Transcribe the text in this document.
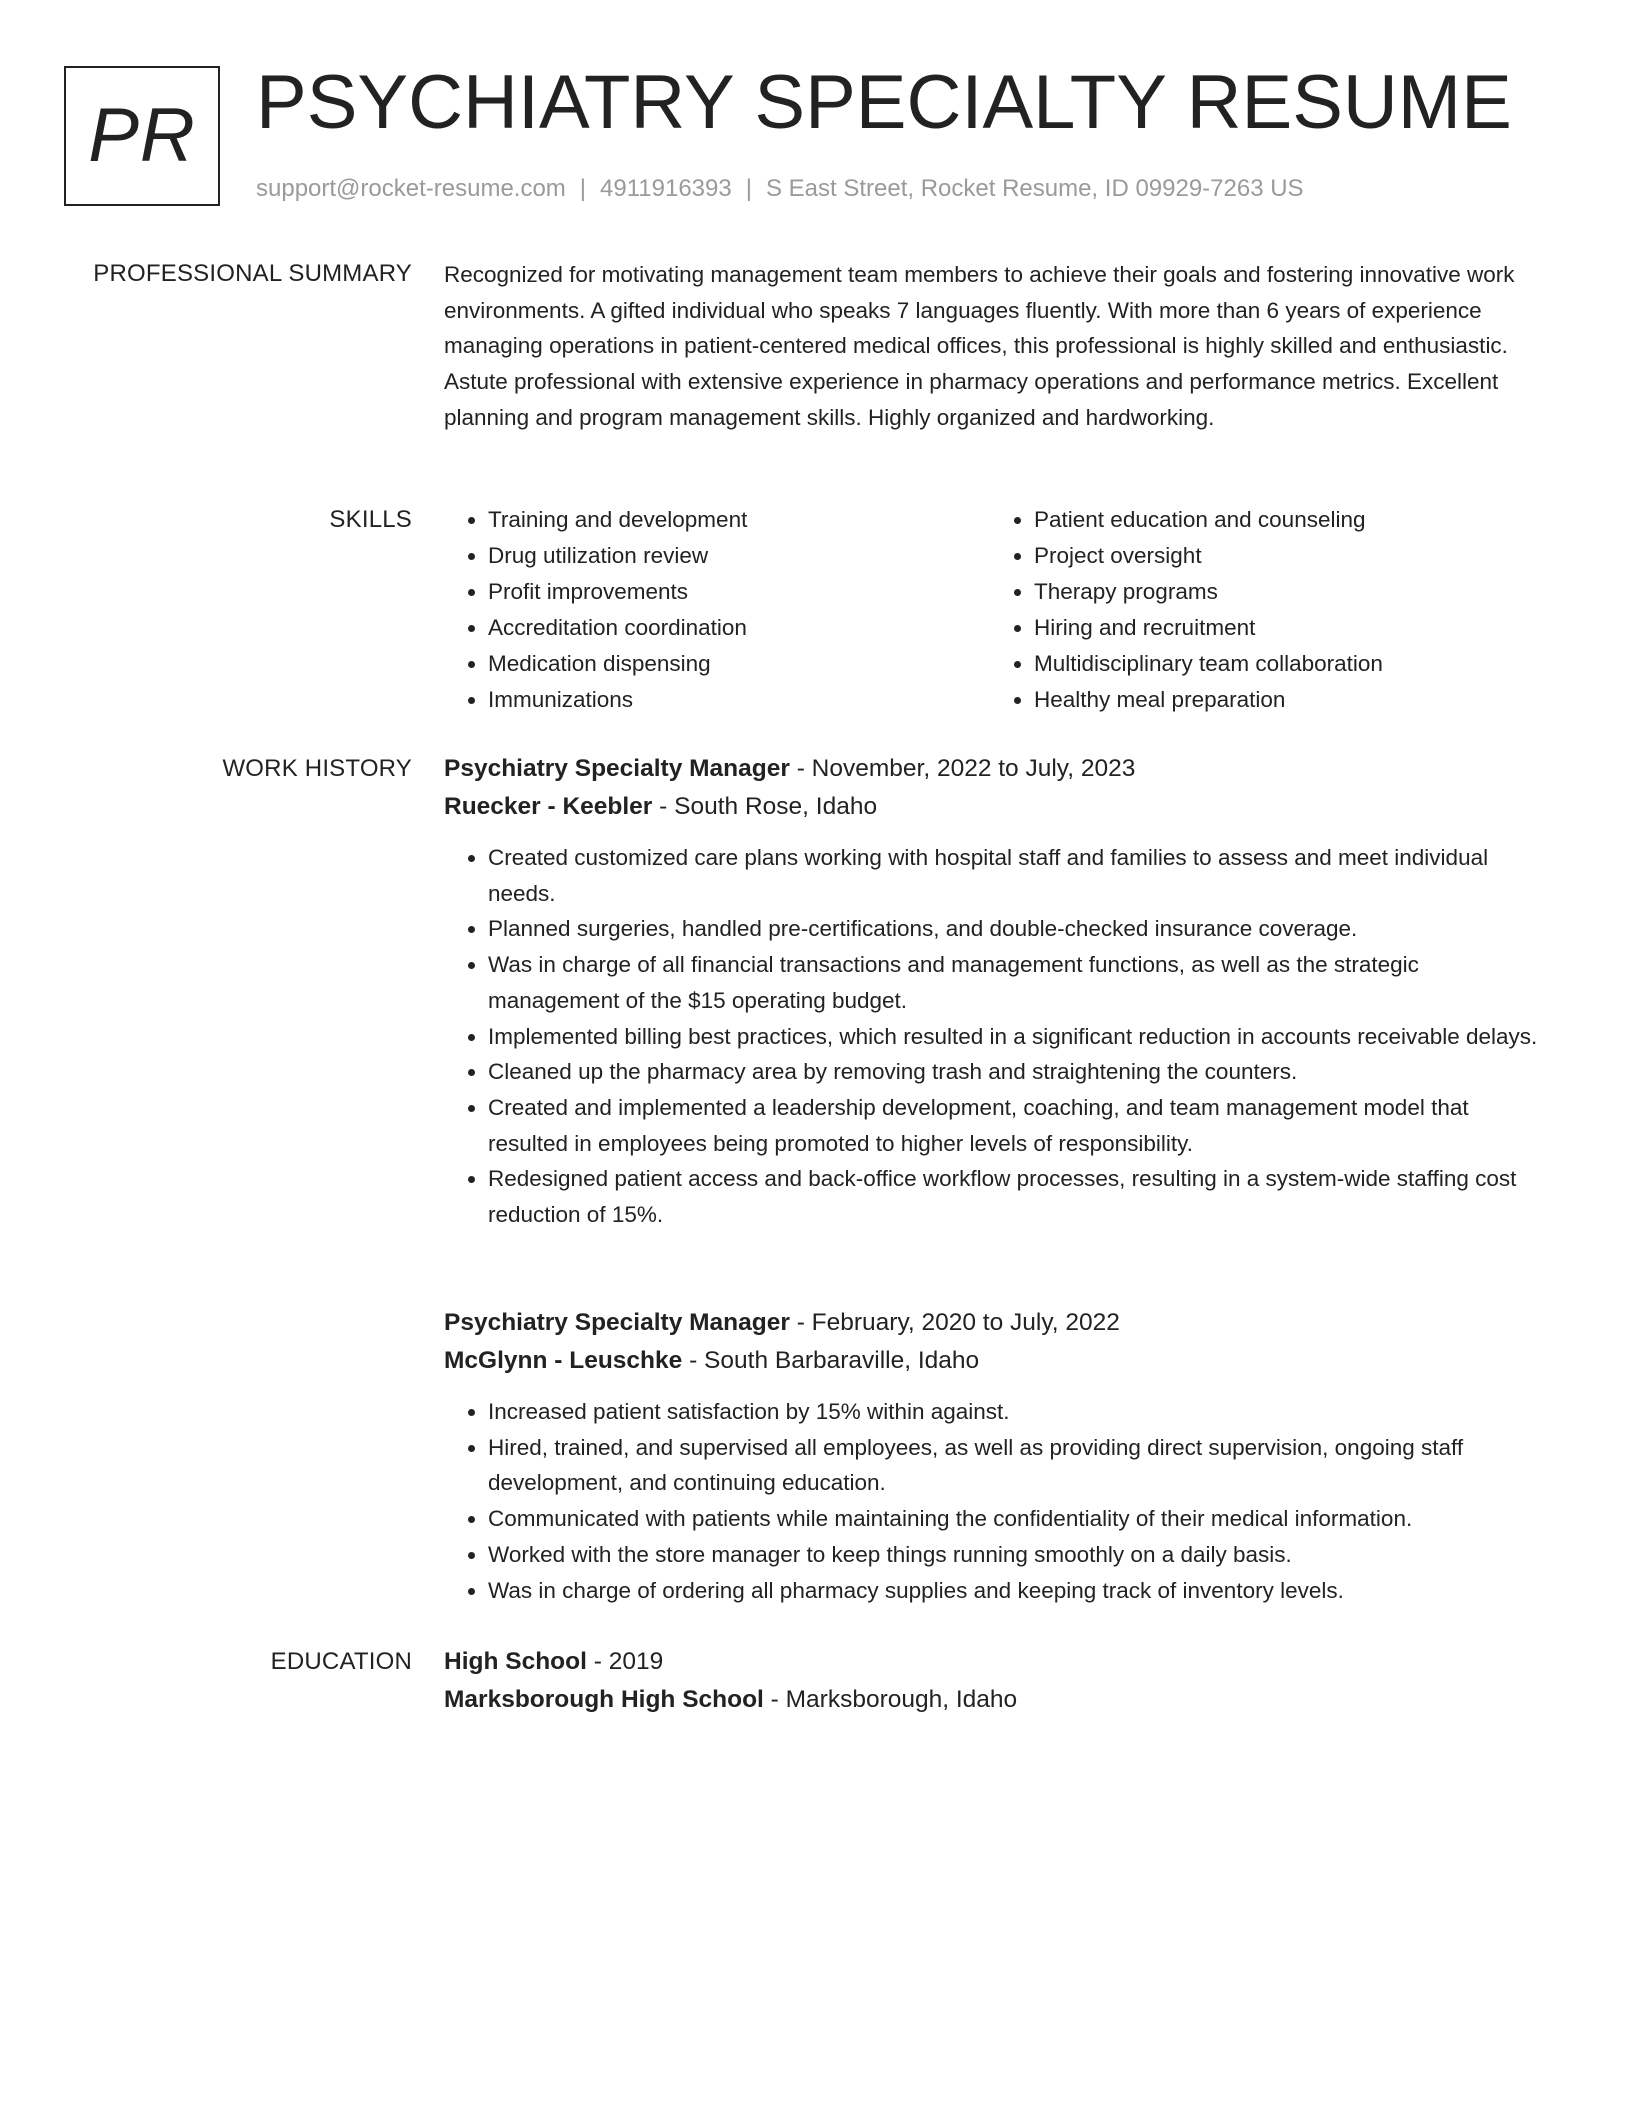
PR PSYCHIATRY SPECIALTY RESUME
support@rocket-resume.com | 4911916393 | S East Street, Rocket Resume, ID 09929-7263 US
PROFESSIONAL SUMMARY Recognized for motivating management team members to achieve their goals and fostering innovative work environments. A gifted individual who speaks 7 languages fluently. With more than 6 years of experience managing operations in patient-centered medical offices, this professional is highly skilled and enthusiastic. Astute professional with extensive experience in pharmacy operations and performance metrics. Excellent planning and program management skills. Highly organized and hardworking.

SKILLS
•	Training and development
• Drug utilization review
• Profit improvements
• Accreditation coordination
• Medication dispensing
• Immunizations
• Patient education and counseling
• Project oversight
• Therapy programs
• Hiring and recruitment
• Multidisciplinary team collaboration
• Healthy meal preparation
WORK HISTORY Psychiatry Specialty Manager - November, 2022 to July, 2023
Ruecker - Keebler - South Rose, Idaho
• Created customized care plans working with hospital staff and families to assess and meet individual needs.
• Planned surgeries, handled pre-certifications, and double-checked insurance coverage.
• Was in charge of all financial transactions and management functions, as well as the strategic management of the $15 operating budget.
• Implemented billing best practices, which resulted in a significant reduction in accounts receivable delays.
• Cleaned up the pharmacy area by removing trash and straightening the counters.
• Created and implemented a leadership development, coaching, and team management model that resulted in employees being promoted to higher levels of responsibility.
• Redesigned patient access and back-office workflow processes, resulting in a system-wide staffing cost reduction of 15%.
Psychiatry Specialty Manager - February, 2020 to July, 2022
McGlynn - Leuschke - South Barbaraville, Idaho
• Increased patient satisfaction by 15% within against.
• Hired, trained, and supervised all employees, as well as providing direct supervision, ongoing staff development, and continuing education.
• Communicated with patients while maintaining the confidentiality of their medical information.
• Worked with the store manager to keep things running smoothly on a daily basis.
• Was in charge of ordering all pharmacy supplies and keeping track of inventory levels.
EDUCATION High School - 2019
Marksborough High School - Marksborough, Idaho
